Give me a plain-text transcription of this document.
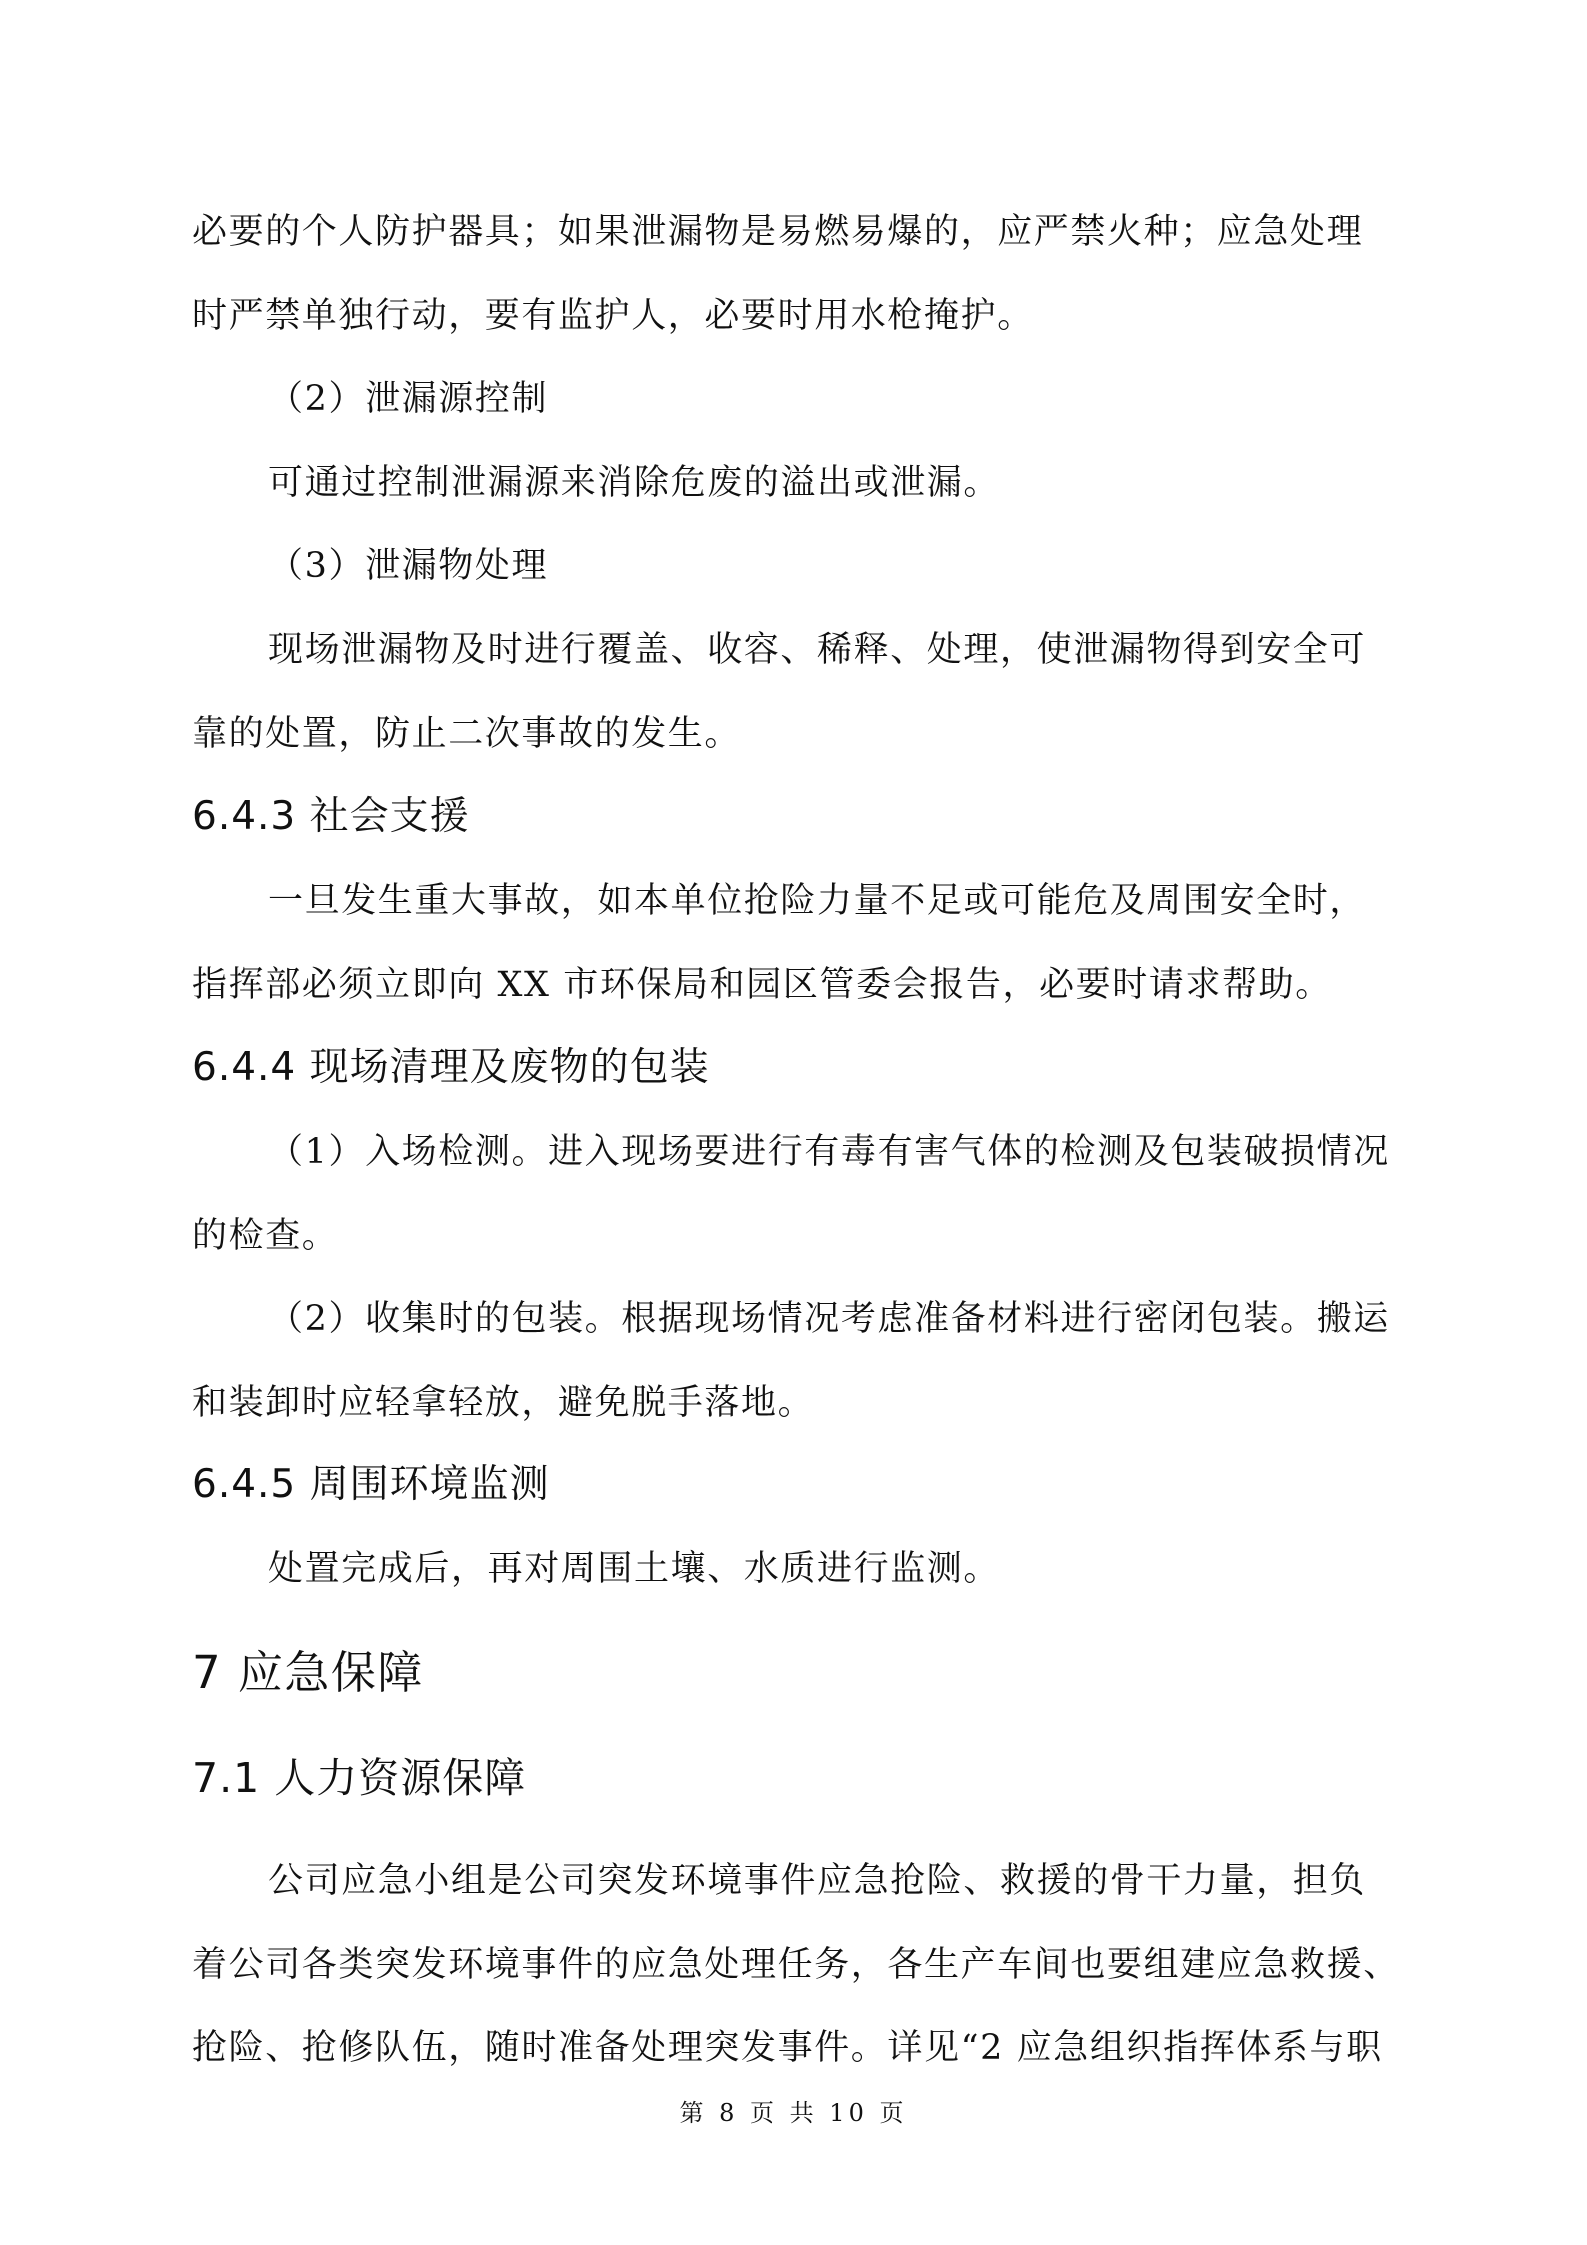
必要的个人防护器具；如果泄漏物是易燃易爆的，应严禁火种；应急处理
时严禁单独行动，要有监护人，必要时用水枪掩护。
（2）泄漏源控制
可通过控制泄漏源来消除危废的溢出或泄漏。
（3）泄漏物处理
现场泄漏物及时进行覆盖、收容、稀释、处理，使泄漏物得到安全可
靠的处置，防止二次事故的发生。
6.4.3 社会支援
一旦发生重大事故，如本单位抢险力量不足或可能危及周围安全时，
指挥部必须立即向 XX 市环保局和园区管委会报告，必要时请求帮助。
6.4.4 现场清理及废物的包装
（1）入场检测。进入现场要进行有毒有害气体的检测及包装破损情况
的检查。
（2）收集时的包装。根据现场情况考虑准备材料进行密闭包装。搬运
和装卸时应轻拿轻放，避免脱手落地。
6.4.5 周围环境监测
处置完成后，再对周围土壤、水质进行监测。
7 应急保障
7.1 人力资源保障
公司应急小组是公司突发环境事件应急抢险、救援的骨干力量，担负
着公司各类突发环境事件的应急处理任务，各生产车间也要组建应急救援、
抢险、抢修队伍，随时准备处理突发事件。详见“2 应急组织指挥体系与职
第 8 页 共 10 页
